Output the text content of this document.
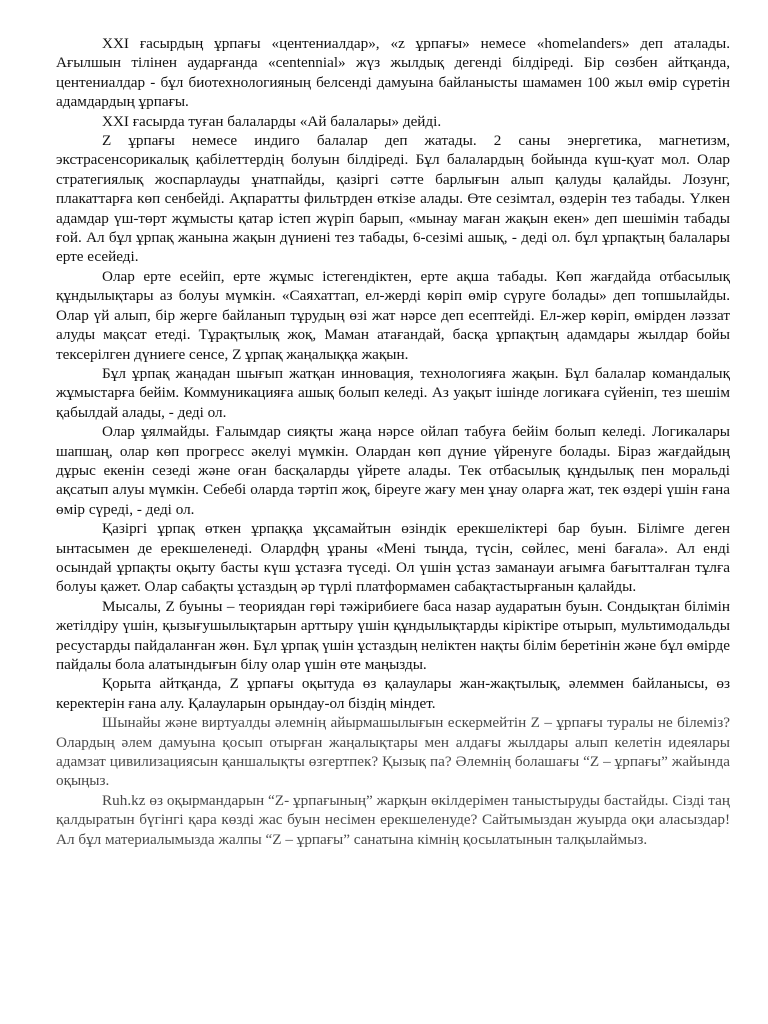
XXI ғасырдың ұрпағы «центениалдар», «z ұрпағы» немесе «homelanders» деп аталады. Ағылшын тілінен аударғанда «centennial» жүз жылдық дегенді білдіреді. Бір сөзбен айтқанда, центениалдар - бұл биотехнологияның белсенді дамуына байланысты шамамен 100 жыл өмір сүретін адамдардың ұрпағы.

XXI ғасырда туған балаларды «Ай балалары» дейді.

Z ұрпағы немесе индиго балалар деп жатады. 2 саны энергетика, магнетизм, экстрасенсорикалық қабілеттердің болуын білдіреді. Бұл балалардың бойында күш-қуат мол. Олар стратегиялық жоспарлауды ұнатпайды, қазіргі сәтте барлығын алып қалуды қалайды. Лозунг, плакаттарға көп сенбейді. Ақпаратты фильтрден өткізе алады. Өте сезімтал, өздерін тез табады. Үлкен адамдар үш-төрт жұмысты қатар істеп жүріп барып, «мынау маған жақын екен» деп шешімін табады ғой. Ал бұл ұрпақ жанына жақын дүниені тез табады, 6-сезімі ашық, - деді ол. бұл ұрпақтың балалары ерте есейеді.

Олар ерте есейіп, ерте жұмыс істегендіктен, ерте ақша табады. Көп жағдайда отбасылық құндылықтары аз болуы мүмкін. «Саяхаттап, ел-жерді көріп өмір сүруге болады» деп топшылайды. Олар үй алып, бір жерге байланып тұрудың өзі жат нәрсе деп есептейді. Ел-жер көріп, өмірден ләззат алуды мақсат етеді. Тұрақтылық жоқ, Маман атағандай, басқа ұрпақтың адамдары жылдар бойы тексерілген дүниеге сенсе, Z ұрпақ жаңалыққа жақын.

Бұл ұрпақ жаңадан шығып жатқан инновация, технологияға жақын. Бұл балалар командалық жұмыстарға бейім. Коммуникацияға ашық болып келеді. Аз уақыт ішінде логикаға сүйеніп, тез шешім қабылдай алады, - деді ол.

Олар ұялмайды. Ғалымдар сияқты жаңа нәрсе ойлап табуға бейім болып келеді. Логикалары шапшаң, олар көп прогресс әкелуі мүмкін. Олардан көп дүние үйренуге болады. Біраз жағдайдың дұрыс екенін сезеді және оған басқаларды үйрете алады. Тек отбасылық құндылық пен моральді ақсатып алуы мүмкін. Себебі оларда тәртіп жоқ, біреуге жағу мен ұнау оларға жат, тек өздері үшін ғана өмір сүреді, - деді ол.

Қазіргі ұрпақ өткен ұрпаққа ұқсамайтын өзіндік ерекшеліктері бар буын. Білімге деген ынтасымен де ерекшеленеді. Олардфң ұраны «Мені тыңда, түсін, сөйлес, мені бағала». Ал енді осындай ұрпақты оқыту басты күш ұстазға түседі. Ол үшін ұстаз заманауи ағымға бағытталған тұлға болуы қажет. Олар сабақты ұстаздың әр түрлі платформамен сабақтастырғанын қалайды.

Мысалы, Z буыны – теориядан гөрі тәжірибиеге баса назар аударатын буын. Сондықтан білімін жетілдіру үшін, қызығушылықтарын арттыру үшін құндылықтарды кіріктіре отырып, мультимодальды ресустарды пайдаланған жөн. Бұл ұрпақ үшін ұстаздың неліктен нақты білім беретінін және бұл өмірде пайдалы бола алатындығын білу олар үшін өте маңызды.

Қорыта айтқанда, Z ұрпағы оқытуда өз қалаулары жан-жақтылық, әлеммен байланысы, өз керектерін ғана алу. Қалауларын орындау-ол біздің міндет.

Шынайы және виртуалды әлемнің айырмашылығын ескермейтін Z – ұрпағы туралы не білеміз? Олардың әлем дамуына қосып отырған жаңалықтары мен алдағы жылдары алып келетін идеялары адамзат цивилизациясын қаншалықты өзгертпек? Қызық па? Әлемнің болашағы “Z – ұрпағы” жайында оқыңыз.

Ruh.kz өз оқырмандарын “Z- ұрпағының” жарқын өкілдерімен таныстыруды бастайды. Сізді таң қалдыратын бүгінгі қара көзді жас буын несімен ерекшеленуде? Сайтымыздан жуырда оқи аласыздар! Ал бұл материалымызда жалпы “Z – ұрпағы” санатына кімнің қосылатынын талқылаймыз.
